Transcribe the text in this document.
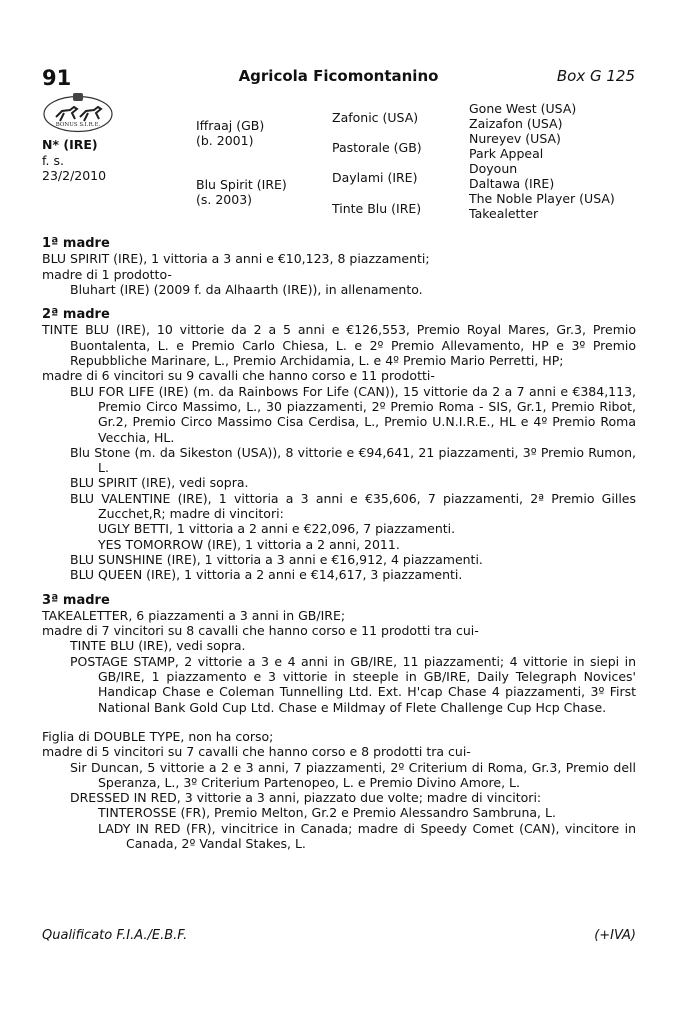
Agricola Ficomontanino
91	Box G 125
BONUS S.I.R.E.
N* (IRE)
f. s.
23/2/2010
Iffraaj (GB)
(b. 2001)
Blu Spirit (IRE)
(s. 2003)
Zafonic (USA)
Pastorale (GB)
Daylami (IRE)
Tinte Blu (IRE)
Gone West (USA)
Zaizafon (USA)
Nureyev (USA)
Park Appeal
Doyoun
Daltawa (IRE)
The Noble Player (USA)
Takealetter

1ª madre

BLU SPIRIT (IRE), 1 vittoria a 3 anni e €10,123, 8 piazzamenti;

madre di 1 prodotto-

Bluhart (IRE) (2009 f. da Alhaarth (IRE)), in allenamento.

2ª madre

TINTE BLU (IRE), 10 vittorie da 2 a 5 anni e €126,553, Premio Royal Mares, Gr.3, Premio Buontalenta, L. e Premio Carlo Chiesa, L. e 2º Premio Allevamento, HP e 3º Premio Repubbliche Marinare, L., Premio Archidamia, L. e 4º Premio Mario Perretti, HP;

madre di 6 vincitori su 9 cavalli che hanno corso e 11 prodotti-

BLU FOR LIFE (IRE) (m. da Rainbows For Life (CAN)), 15 vittorie da 2 a 7 anni e €384,113, Premio Circo Massimo, L., 30 piazzamenti, 2º Premio Roma - SIS, Gr.1, Premio Ribot, Gr.2, Premio Circo Massimo Cisa Cerdisa, L., Premio U.N.I.R.E., HL e 4º Premio Roma Vecchia, HL.

Blu Stone (m. da Sikeston (USA)), 8 vittorie e €94,641, 21 piazzamenti, 3º Premio Rumon, L.

BLU SPIRIT (IRE), vedi sopra.

BLU VALENTINE (IRE), 1 vittoria a 3 anni e €35,606, 7 piazzamenti, 2ª Premio Gilles Zucchet,R; madre di vincitori:

UGLY BETTI, 1 vittoria a 2 anni e €22,096, 7 piazzamenti.

YES TOMORROW (IRE), 1 vittoria a 2 anni, 2011.

BLU SUNSHINE (IRE), 1 vittoria a 3 anni e €16,912, 4 piazzamenti.

BLU QUEEN (IRE), 1 vittoria a 2 anni e €14,617, 3 piazzamenti.

3ª madre

TAKEALETTER, 6 piazzamenti a 3 anni in GB/IRE;

madre di 7 vincitori su 8 cavalli che hanno corso e 11 prodotti tra cui-

TINTE BLU (IRE), vedi sopra.

POSTAGE STAMP, 2 vittorie a 3 e 4 anni in GB/IRE, 11 piazzamenti; 4 vittorie in siepi in GB/IRE, 1 piazzamento e 3 vittorie in steeple in GB/IRE, Daily Telegraph Novices' Handicap Chase e Coleman Tunnelling Ltd. Ext. H'cap Chase 4 piazzamenti, 3º First National Bank Gold Cup Ltd. Chase e Mildmay of Flete Challenge Cup Hcp Chase.

Figlia di DOUBLE TYPE, non ha corso;

madre di 5 vincitori su 7 cavalli che hanno corso e 8 prodotti tra cui-

Sir Duncan, 5 vittorie a 2 e 3 anni, 7 piazzamenti, 2º Criterium di Roma, Gr.3, Premio dell Speranza, L., 3º Criterium Partenopeo, L. e Premio Divino Amore, L.

DRESSED IN RED, 3 vittorie a 3 anni, piazzato due volte; madre di vincitori:

TINTEROSSE (FR), Premio Melton, Gr.2 e Premio Alessandro Sambruna, L.

LADY IN RED (FR), vincitrice in Canada; madre di Speedy Comet (CAN), vincitore in Canada, 2º Vandal Stakes, L.

Qualificato F.I.A./E.B.F.	(+IVA)
